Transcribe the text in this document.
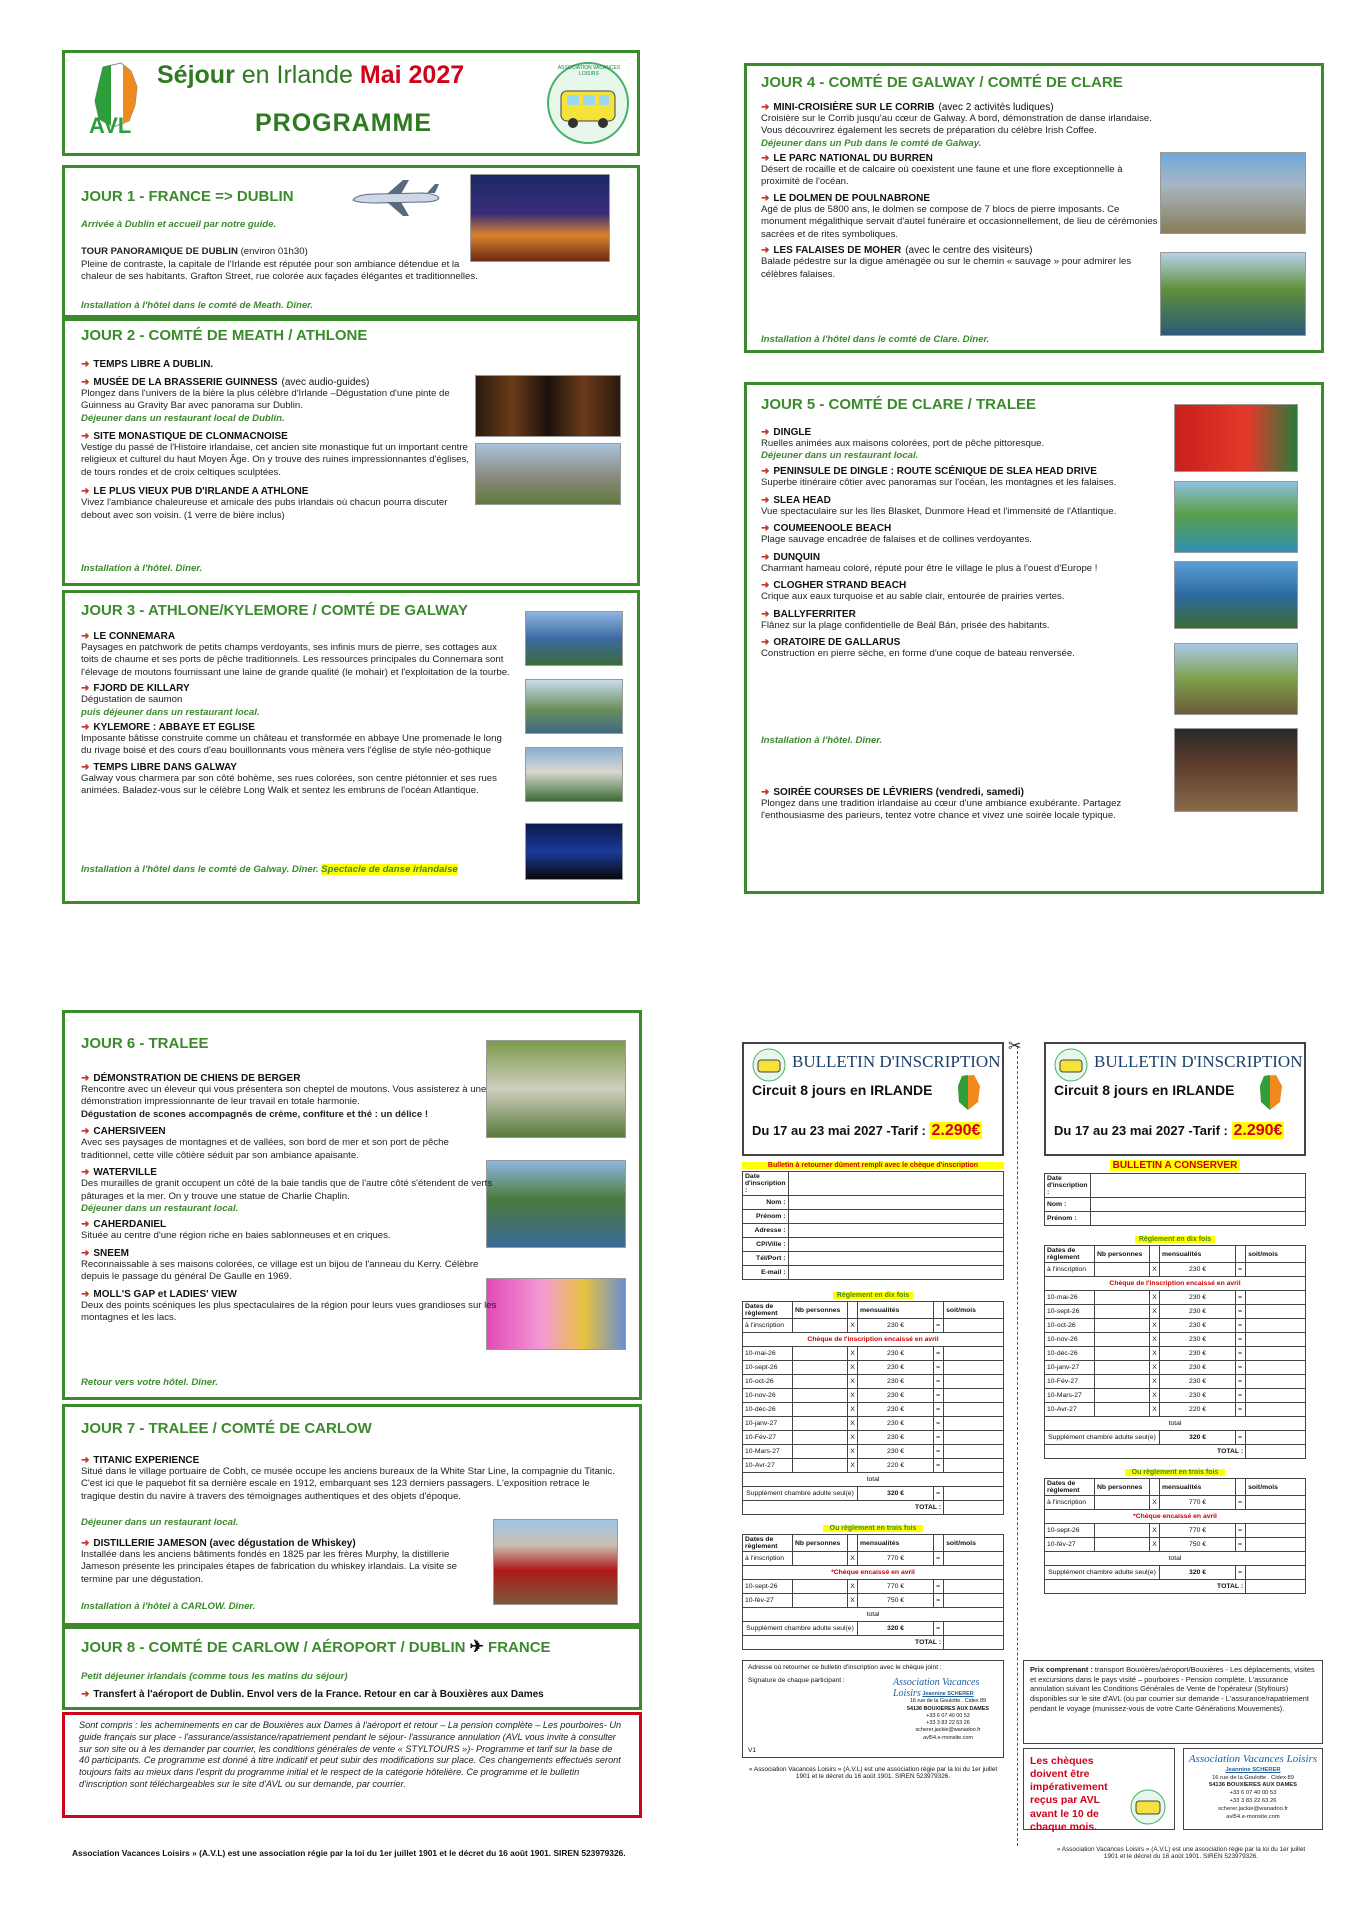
AVL
Séjour en Irlande Mai 2027
PROGRAMME
ASSOCIATION VACANCES LOISIRS
JOUR 1 - FRANCE => DUBLIN
Arrivée à Dublin et accueil par notre guide.
TOUR PANORAMIQUE DE DUBLIN (environ 01h30)
Pleine de contraste, la capitale de l'Irlande est réputée pour son ambiance détendue et la chaleur de ses habitants. Grafton Street, rue colorée aux façades élégantes et traditionnelles.
Installation à l'hôtel dans le comté de Meath. Dîner.
JOUR 2 - COMTÉ DE MEATH / ATHLONE
➜ TEMPS LIBRE A DUBLIN.
➜ MUSÉE DE LA BRASSERIE GUINNESS (avec audio-guides)
Plongez dans l'univers de la bière la plus célèbre d'Irlande –Dégustation d'une pinte de Guinness au Gravity Bar avec panorama sur Dublin.
Déjeuner dans un restaurant local de Dublin.
➜ SITE MONASTIQUE DE CLONMACNOISE
Vestige du passé de l'Histoire irlandaise, cet ancien site monastique fut un important centre religieux et culturel du haut Moyen Âge. On y trouve des ruines impressionnantes d'églises, de tours rondes et de croix celtiques sculptées.
➜ LE PLUS VIEUX PUB D'IRLANDE A ATHLONE
Vivez l'ambiance chaleureuse et amicale des pubs irlandais où chacun pourra discuter debout avec son voisin. (1 verre de bière inclus)
Installation à l'hôtel. Dîner.
JOUR 3 - ATHLONE/KYLEMORE / COMTÉ DE GALWAY
➜ LE CONNEMARA
Paysages en patchwork de petits champs verdoyants, ses infinis murs de pierre, ses cottages aux toits de chaume et ses ports de pêche traditionnels. Les ressources principales du Connemara sont l'élevage de moutons fournissant une laine de grande qualité (le mohair) et l'exploitation de la tourbe.
➜ FJORD DE KILLARY
Dégustation de saumon
puis déjeuner dans un restaurant local.
➜ KYLEMORE : ABBAYE ET EGLISE
Imposante bâtisse construite comme un château et transformée en abbaye Une promenade le long du rivage boisé et des cours d'eau bouillonnants vous mènera vers l'église de style néo-gothique
➜ TEMPS LIBRE DANS GALWAY
Galway vous charmera par son côté bohème, ses rues colorées, son centre piétonnier et ses rues animées. Baladez-vous sur le célèbre Long Walk et sentez les embruns de l'océan Atlantique.
Installation à l'hôtel dans le comté de Galway. Dîner. Spectacle de danse irlandaise
JOUR 4 - COMTÉ DE GALWAY / COMTÉ DE CLARE
➜ MINI-CROISIÈRE SUR LE CORRIB (avec 2 activités ludiques)
Croisière sur le Corrib jusqu'au cœur de Galway. A bord, démonstration de danse irlandaise. Vous découvrirez également les secrets de préparation du célèbre Irish Coffee.
Déjeuner dans un Pub dans le comté de Galway.
➜ LE PARC NATIONAL DU BURREN
Désert de rocaille et de calcaire où coexistent une faune et une flore exceptionnelle à proximité de l'océan.
➜ LE DOLMEN DE POULNABRONE
Agé de plus de 5800 ans, le dolmen se compose de 7 blocs de pierre imposants. Ce monument mégalithique servait d'autel funéraire et occasionnellement, de lieu de cérémonies sacrées et de rites symboliques.
➜ LES FALAISES DE MOHER (avec le centre des visiteurs)
Balade pédestre sur la digue aménagée ou sur le chemin « sauvage » pour admirer les célèbres falaises.
Installation à l'hôtel dans le comté de Clare. Dîner.
JOUR 5 - COMTÉ DE CLARE / TRALEE
➜ DINGLE
Ruelles animées aux maisons colorées, port de pêche pittoresque.
Déjeuner dans un restaurant local.
➜ PENINSULE DE DINGLE : ROUTE SCÉNIQUE DE SLEA HEAD DRIVE
Superbe itinéraire côtier avec panoramas sur l'océan, les montagnes et les falaises.
➜ SLEA HEAD
Vue spectaculaire sur les îles Blasket, Dunmore Head et l'immensité de l'Atlantique.
➜ COUMEENOOLE BEACH
Plage sauvage encadrée de falaises et de collines verdoyantes.
➜ DUNQUIN
Charmant hameau coloré, réputé pour être le village le plus à l'ouest d'Europe !
➜ CLOGHER STRAND BEACH
Crique aux eaux turquoise et au sable clair, entourée de prairies vertes.
➜ BALLYFERRITER
Flânez sur la plage confidentielle de Beál Bán, prisée des habitants.
➜ ORATOIRE DE GALLARUS
Construction en pierre sèche, en forme d'une coque de bateau renversée.
Installation à l'hôtel. Dîner.
➜ SOIRÉE COURSES DE LÉVRIERS (vendredi, samedi)
Plongez dans une tradition irlandaise au cœur d'une ambiance exubérante. Partagez l'enthousiasme des parieurs, tentez votre chance et vivez une soirée locale typique.
JOUR 6 - TRALEE
➜ DÉMONSTRATION DE CHIENS DE BERGER
Rencontre avec un éleveur qui vous présentera son cheptel de moutons. Vous assisterez à une démonstration impressionnante de leur travail en totale harmonie.
Dégustation de scones accompagnés de crème, confiture et thé : un délice !
➜ CAHERSIVEEN
Avec ses paysages de montagnes et de vallées, son bord de mer et son port de pêche traditionnel, cette ville côtière séduit par son ambiance apaisante.
➜ WATERVILLE
Des murailles de granit occupent un côté de la baie tandis que de l'autre côté s'étendent de verts pâturages et la mer. On y trouve une statue de Charlie Chaplin.
Déjeuner dans un restaurant local.
➜ CAHERDANIEL
Située au centre d'une région riche en baies sablonneuses et en criques.
➜ SNEEM
Reconnaissable à ses maisons colorées, ce village est un bijou de l'anneau du Kerry. Célèbre depuis le passage du général De Gaulle en 1969.
➜ MOLL'S GAP et LADIES' VIEW
Deux des points scéniques les plus spectaculaires de la région pour leurs vues grandioses sur les montagnes et les lacs.
Retour vers votre hôtel. Dîner.
JOUR 7 - TRALEE / COMTÉ DE CARLOW
➜ TITANIC EXPERIENCE
Situé dans le village portuaire de Cobh, ce musée occupe les anciens bureaux de la White Star Line, la compagnie du Titanic. C'est ici que le paquebot fit sa dernière escale en 1912, embarquant ses 123 derniers passagers. L'exposition retrace le tragique destin du navire à travers des témoignages authentiques et des objets d'époque.
Déjeuner dans un restaurant local.
➜ DISTILLERIE JAMESON (avec dégustation de Whiskey)
Installée dans les anciens bâtiments fondés en 1825 par les frères Murphy, la distillerie Jameson présente les principales étapes de fabrication du whiskey irlandais. La visite se termine par une dégustation.
Installation à l'hôtel à CARLOW. Dîner.
JOUR 8 - COMTÉ DE CARLOW / AÉROPORT / DUBLIN ✈ FRANCE
Petit déjeuner irlandais (comme tous les matins du séjour)
➜ Transfert à l'aéroport de Dublin. Envol vers de la France. Retour en car à Bouxières aux Dames
Sont compris : les acheminements en car de Bouxières aux Dames à l'aéroport et retour – La pension complète – Les pourboires- Un guide français sur place - l'assurance/assistance/rapatriement pendant le séjour- l'assurance annulation (AVL vous invite à consulter sur son site ou à les demander par courrier, les conditions générales de vente « STYLTOURS »)- Programme et tarif sur la base de 40 participants. Ce programme est donné à titre indicatif et peut subir des modifications sur place. Ces changements effectués seront toujours faits au mieux dans l'esprit du programme initial et le respect de la catégorie hôtelière. Ce programme et le bulletin d'inscription sont téléchargeables sur le site d'AVL ou sur demande, par courrier.
Association Vacances Loisirs » (A.V.L) est une association régie par la loi du 1er juillet 1901 et le décret du 16 août 1901. SIREN 523979326.
BULLETIN D'INSCRIPTION
Circuit 8 jours en IRLANDE
Du 17 au 23 mai 2027 -Tarif : 2.290€
Bulletin à retourner dûment rempli avec le chèque d'inscription
Date d'inscription :	
Nom :	
Prénom :	
Adresse :	
CP/Ville :	
Tél/Port :	
E-mail :	
Règlement en dix fois
Dates de règlement	Nb personnes		mensualités		soit/mois
à l'inscription		X	230 €	=	
Chèque de l'inscription encaissé en avril					
10-mai-26		X	230 €	=	
10-sept-26		X	230 €	=	
10-oct-26		X	230 €	=	
10-nov-26		X	230 €	=	
10-déc-26		X	230 €	=	
10-janv-27		X	230 €	=	
10-Fév-27		X	230 €	=	
10-Mars-27		X	230 €	=	
10-Avr-27		X	220 €	=	
total					
Supplément chambre adulte seul(e)			320 €	=	
TOTAL :					
Ou règlement en trois fois
Dates de règlement	Nb personnes		mensualités		soit/mois
à l'inscription		X	770 €	=	
*Chèque encaissé en avril					
10-sept-26		X	770 €	=	
10-fév-27		X	750 €	=	
total					
Supplément chambre adulte seul(e)			320 €	=	
TOTAL :					
Adresse où retourner ce bulletin d'inscription avec le chèque joint :
Signature de chaque participant :	Association Vacances Loisirs Jeannine SCHERER
16 rue de la Goulotte . Cidex 89
54136 BOUXIERES AUX DAMES
+33 6 07 40 00 53
+33 3 83 22 63 26
scherer.jackie@wanadoo.fr
avl54.e-monsite.com
V1
« Association Vacances Loisirs » (A.V.L) est une association régie par la loi du 1er juillet 1901 et le décret du 16 août 1901. SIREN 523979326.
✂
BULLETIN D'INSCRIPTION
Circuit 8 jours en IRLANDE
Du 17 au 23 mai 2027 -Tarif : 2.290€
BULLETIN A CONSERVER
Date d'inscription :	
Nom :	
Prénom :	
Règlement en dix fois
Dates de règlement	Nb personnes		mensualités		soit/mois
à l'inscription		X	230 €	=	
Chèque de l'inscription encaissé en avril					
10-mai-26		X	230 €	=	
10-sept-26		X	230 €	=	
10-oct-26		X	230 €	=	
10-nov-26		X	230 €	=	
10-déc-26		X	230 €	=	
10-janv-27		X	230 €	=	
10-Fév-27		X	230 €	=	
10-Mars-27		X	230 €	=	
10-Avr-27		X	220 €	=	
total					
Supplément chambre adulte seul(e)			320 €	=	
TOTAL :					
Ou règlement en trois fois
Dates de règlement	Nb personnes		mensualités		soit/mois
à l'inscription		X	770 €	=	
*Chèque encaissé en avril					
10-sept-26		X	770 €	=	
10-fév-27		X	750 €	=	
total					
Supplément chambre adulte seul(e)			320 €	=	
TOTAL :					
Prix comprenant : transport Bouxières/aéroport/Bouxières - Les déplacements, visites et excursions dans le pays visité – pourboires - Pension complète. L'assurance annulation suivant les Conditions Générales de Vente de l'opérateur (Styltours) disponibles sur le site d'AVL (ou par courrier sur demande - L'assurance/rapatriement pendant le voyage (munissez-vous de votre Carte Générations Mouvements).
Les chèques doivent être impérativement reçus par AVL avant le 10 de chaque mois.
Association Vacances Loisirs
Jeannine SCHERER
16 rue de la Goulotte . Cidex 89
54136 BOUXIERES AUX DAMES
+33 6 07 40 00 53
+33 3 83 22 63 26
scherer.jackie@wanadoo.fr
avl54.e-monsite.com
« Association Vacances Loisirs » (A.V.L) est une association régie par la loi du 1er juillet 1901 et le décret du 16 août 1901. SIREN 523979326.
